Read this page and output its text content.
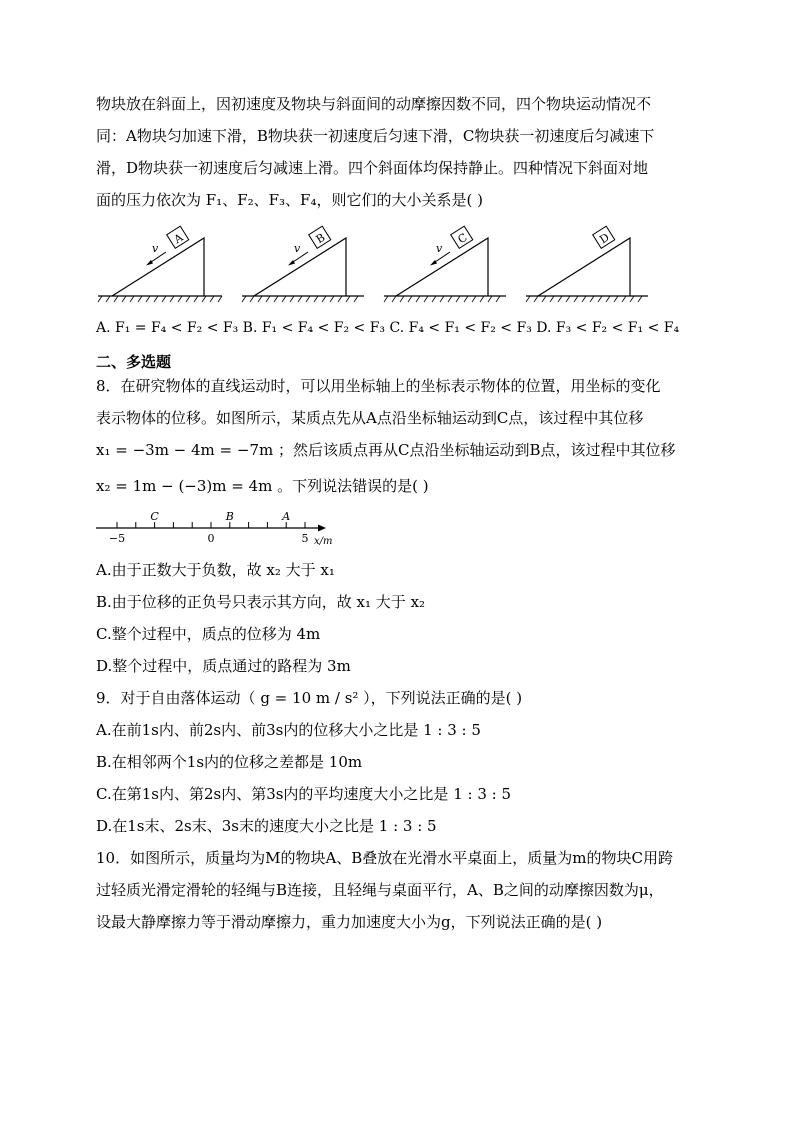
物块放在斜面上，因初速度及物块与斜面间的动摩擦因数不同，四个物块运动情况不
同：A物块匀加速下滑，B物块获一初速度后匀速下滑，C物块获一初速度后匀减速下
滑，D物块获一初速度后匀减速上滑。四个斜面体均保持静止。四种情况下斜面对地
面的压力依次为 F₁、F₂、F₃、F₄，则它们的大小关系是( )
A
v
B
v
C
v
D
A. F₁ = F₄ < F₂ < F₃ B. F₁ < F₄ < F₂ < F₃ C. F₄ < F₁ < F₂ < F₃ D. F₃ < F₂ < F₁ < F₄
二、多选题
8．在研究物体的直线运动时，可以用坐标轴上的坐标表示物体的位置，用坐标的变化
表示物体的位移。如图所示，某质点先从A点沿坐标轴运动到C点，该过程中其位移
x₁ = −3m − 4m = −7m ；然后该质点再从C点沿坐标轴运动到B点，该过程中其位移
x₂ = 1m − (−3)m = 4m 。下列说法错误的是( )
−5	0	5
C	B	A
x/m
A.由于正数大于负数，故 x₂ 大于 x₁
B.由于位移的正负号只表示其方向，故 x₁ 大于 x₂
C.整个过程中，质点的位移为 4m
D.整个过程中，质点通过的路程为 3m
9．对于自由落体运动（ g = 10 m / s² ），下列说法正确的是( )
A.在前1s内、前2s内、前3s内的位移大小之比是 1 : 3 : 5
B.在相邻两个1s内的位移之差都是 10m
C.在第1s内、第2s内、第3s内的平均速度大小之比是 1 : 3 : 5
D.在1s末、2s末、3s末的速度大小之比是 1 : 3 : 5
10．如图所示，质量均为M的物块A、B叠放在光滑水平桌面上，质量为m的物块C用跨
过轻质光滑定滑轮的轻绳与B连接，且轻绳与桌面平行，A、B之间的动摩擦因数为μ，
设最大静摩擦力等于滑动摩擦力，重力加速度大小为g，下列说法正确的是( )
